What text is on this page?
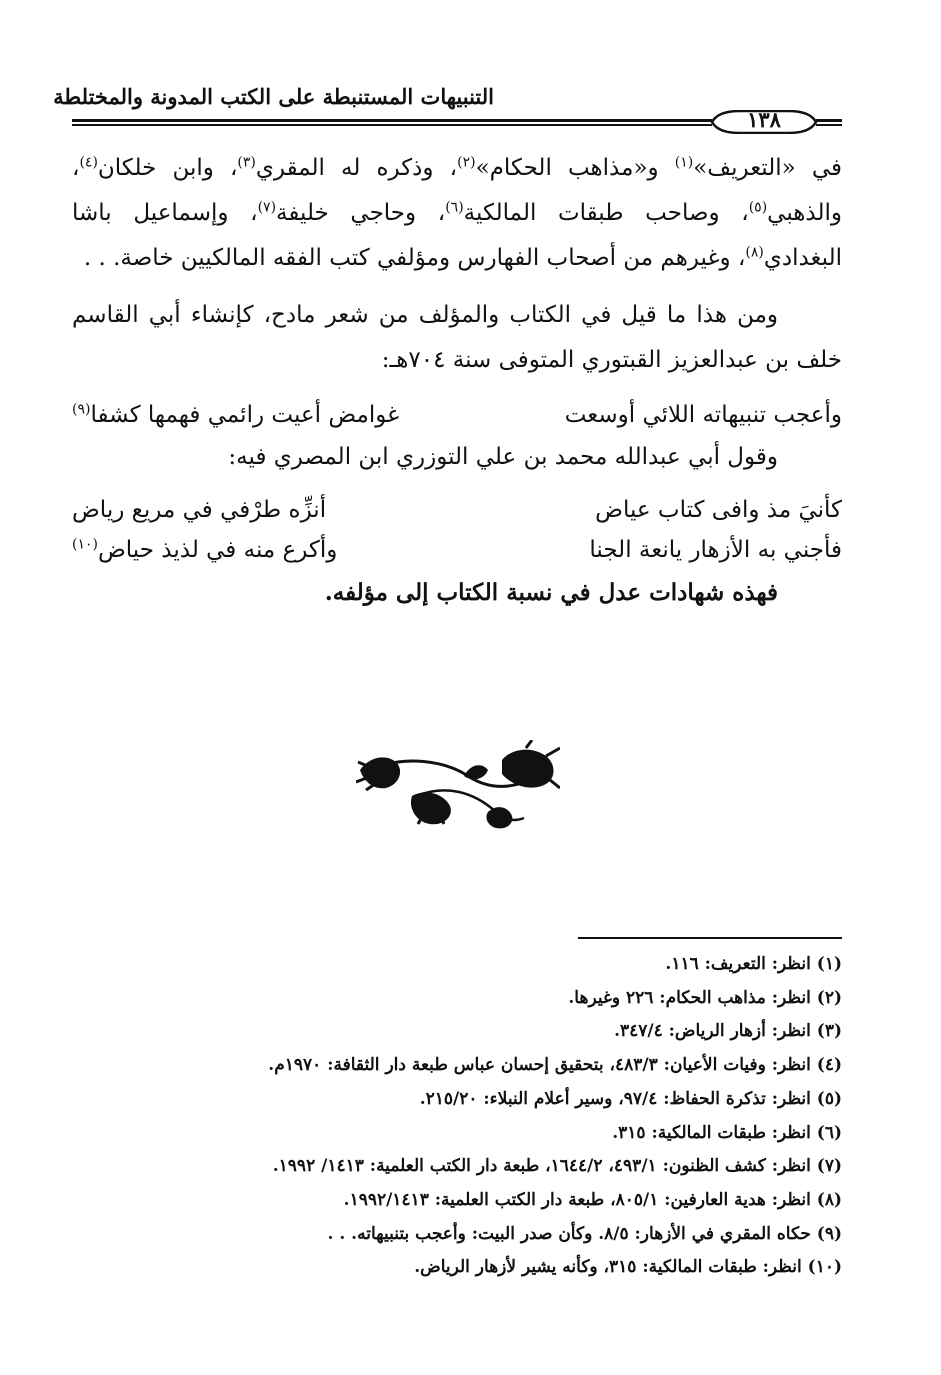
التنبيهات المستنبطة على الكتب المدونة والمختلطة
١٣٨

في «التعريف»$^{(١)}$ و«مذاهب الحكام»$^{(٢)}$، وذكره له المقري$^{(٣)}$، وابن خلكان$^{(٤)}$، والذهبي$^{(٥)}$، وصاحب طبقات المالكية$^{(٦)}$، وحاجي خليفة$^{(٧)}$، وإسماعيل باشا البغدادي$^{(٨)}$، وغيرهم من أصحاب الفهارس ومؤلفي كتب الفقه المالكيين خاصة. . .

ومن هذا ما قيل في الكتاب والمؤلف من شعر مادح، كإنشاء أبي القاسم خلف بن عبدالعزيز القبتوري المتوفى سنة ٧٠٤هـ:

وأعجب تنبيهاته اللائي أوسعت
غوامض أعيت رائمي فهمها كشفا$^{(٩)}$

وقول أبي عبدالله محمد بن علي التوزري ابن المصري فيه:

كأنيَ مذ وافى كتاب عياض
أنزِّه طرْفي في مريع رياض
فأجني به الأزهار يانعة الجنا
وأكرع منه في لذيذ حياض$^{(١٠)}$

فهذه شهادات عدل في نسبة الكتاب إلى مؤلفه.

(١) انظر: التعريف: ١١٦.
(٢) انظر: مذاهب الحكام: ٢٢٦ وغيرها.
(٣) انظر: أزهار الرياض: ٣٤٧/٤.
(٤) انظر: وفيات الأعيان: ٤٨٣/٣، بتحقيق إحسان عباس طبعة دار الثقافة: ١٩٧٠م.
(٥) انظر: تذكرة الحفاظ: ٩٧/٤، وسير أعلام النبلاء: ٢١٥/٢٠.
(٦) انظر: طبقات المالكية: ٣١٥.
(٧) انظر: كشف الظنون: ٤٩٣/١، ١٦٤٤/٢، طبعة دار الكتب العلمية: ١٤١٣/ ١٩٩٢.
(٨) انظر: هدية العارفين: ٨٠٥/١، طبعة دار الكتب العلمية: ١٩٩٢/١٤١٣.
(٩) حكاه المقري في الأزهار: ٨/٥. وكأن صدر البيت: وأعجب بتنبيهاته. . .
(١٠) انظر: طبقات المالكية: ٣١٥، وكأنه يشير لأزهار الرياض.
